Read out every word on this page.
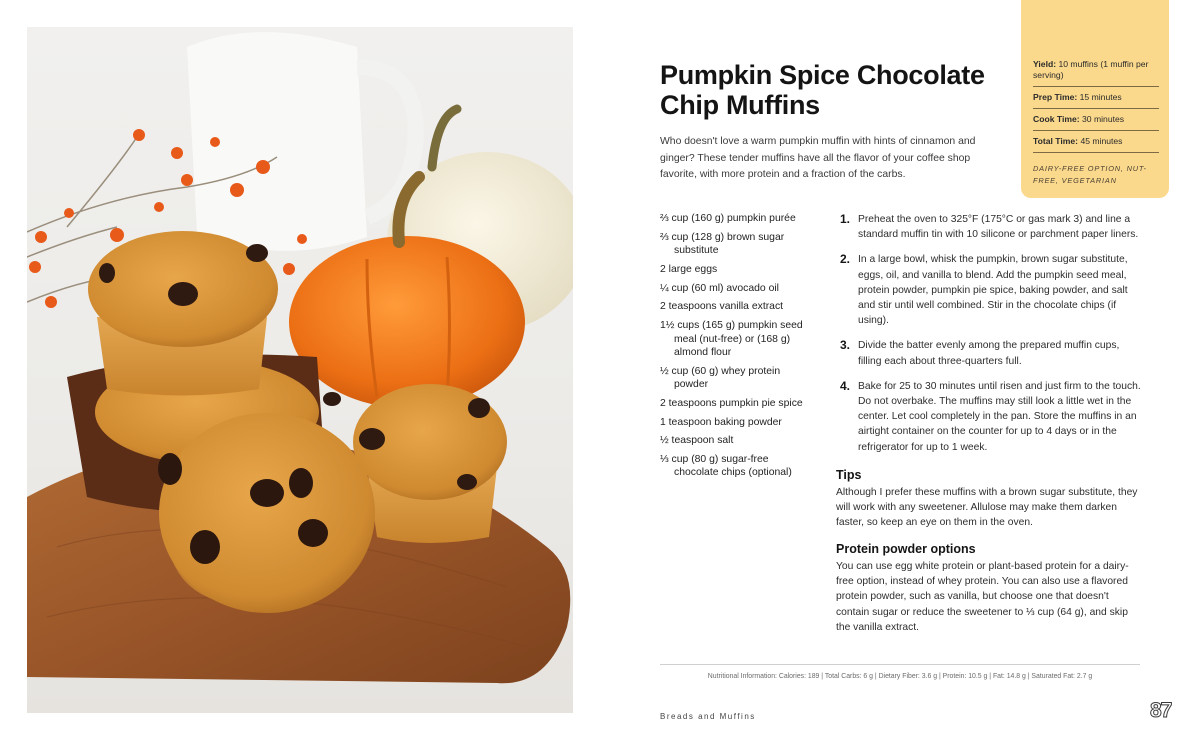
Yield: 10 muffins (1 muffin per serving)
Prep Time: 15 minutes
Cook Time: 30 minutes
Total Time: 45 minutes
DAIRY-FREE OPTION, NUT-FREE, VEGETARIAN
Pumpkin Spice Chocolate Chip Muffins

Who doesn't love a warm pumpkin muffin with hints of cinnamon and ginger? These tender muffins have all the flavor of your coffee shop favorite, with more protein and a fraction of the carbs.

⅔ cup (160 g) pumpkin purée
⅔ cup (128 g) brown sugar substitute
2 large eggs
¼ cup (60 ml) avocado oil
2 teaspoons vanilla extract
1½ cups (165 g) pumpkin seed meal (nut-free) or (168 g) almond flour
½ cup (60 g) whey protein powder
2 teaspoons pumpkin pie spice
1 teaspoon baking powder
½ teaspoon salt
⅓ cup (80 g) sugar-free chocolate chips (optional)
1. Preheat the oven to 325°F (175°C or gas mark 3) and line a standard muffin tin with 10 silicone or parchment paper liners.
2. In a large bowl, whisk the pumpkin, brown sugar substitute, eggs, oil, and vanilla to blend. Add the pumpkin seed meal, protein powder, pumpkin pie spice, baking powder, and salt and stir until well combined. Stir in the chocolate chips (if using).
3. Divide the batter evenly among the prepared muffin cups, filling each about three-quarters full.
4. Bake for 25 to 30 minutes until risen and just firm to the touch. Do not overbake. The muffins may still look a little wet in the center. Let cool completely in the pan. Store the muffins in an airtight container on the counter for up to 4 days or in the refrigerator for up to 1 week.
Tips

Although I prefer these muffins with a brown sugar substitute, they will work with any sweetener. Allulose may make them darken faster, so keep an eye on them in the oven.

Protein powder options

You can use egg white protein or plant-based protein for a dairy-free option, instead of whey protein. You can also use a flavored protein powder, such as vanilla, but choose one that doesn't contain sugar or reduce the sweetener to ⅓ cup (64 g), and skip the vanilla extract.

Nutritional Information: Calories: 189 | Total Carbs: 6 g | Dietary Fiber: 3.6 g | Protein: 10.5 g | Fat: 14.8 g | Saturated Fat: 2.7 g
Breads and Muffins	87
